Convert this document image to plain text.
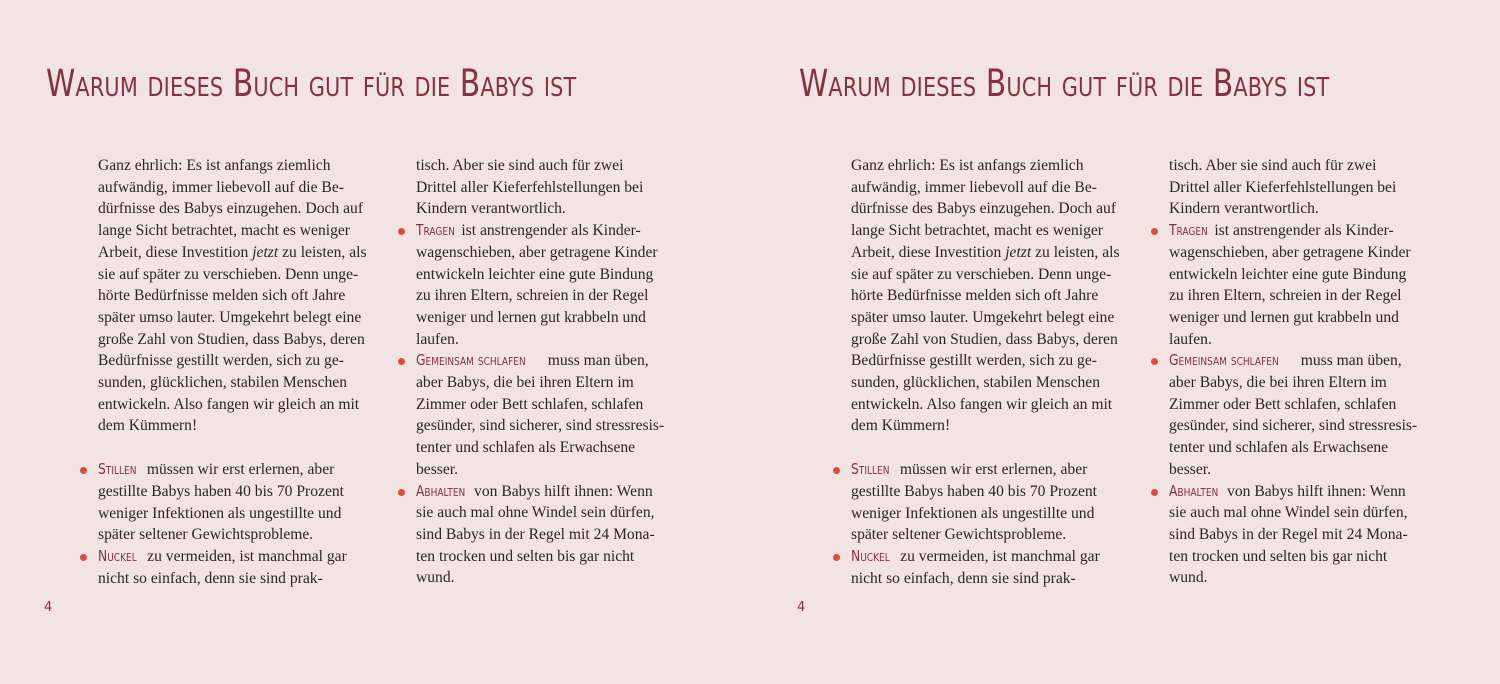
Warum dieses Buch gut für die Babys ist

Ganz ehrlich: Es ist anfangs ziemlich
aufwändig, immer liebevoll auf die Be-
dürfnisse des Babys einzugehen. Doch auf
lange Sicht betrachtet, macht es weniger
Arbeit, diese Investition jetzt zu leisten, als
sie auf später zu verschieben. Denn unge-
hörte Bedürfnisse melden sich oft Jahre
später umso lauter. Umgekehrt belegt eine
große Zahl von Studien, dass Babys, deren
Bedürfnisse gestillt werden, sich zu ge-
sunden, glücklichen, stabilen Menschen
entwickeln. Also fangen wir gleich an mit
dem Kümmern!

Stillen müssen wir erst erlernen, aber
gestillte Babys haben 40 bis 70 Prozent
weniger Infektionen als ungestillte und
später seltener Gewichtsprobleme.
Nuckel zu vermeiden, ist manchmal gar
nicht so einfach, denn sie sind prak-
tisch. Aber sie sind auch für zwei
Drittel aller Kieferfehlstellungen bei
Kindern verantwortlich.
Tragen ist anstrengender als Kinder-
wagenschieben, aber getragene Kinder
entwickeln leichter eine gute Bindung
zu ihren Eltern, schreien in der Regel
weniger und lernen gut krabbeln und
laufen.
Gemeinsam schlafen muss man üben,
aber Babys, die bei ihren Eltern im
Zimmer oder Bett schlafen, schlafen
gesünder, sind sicherer, sind stressresis-
tenter und schlafen als Erwachsene
besser.
Abhalten von Babys hilft ihnen: Wenn
sie auch mal ohne Windel sein dürfen,
sind Babys in der Regel mit 24 Mona-
ten trocken und selten bis gar nicht
wund.
4
Warum dieses Buch gut für die Babys ist

Ganz ehrlich: Es ist anfangs ziemlich
aufwändig, immer liebevoll auf die Be-
dürfnisse des Babys einzugehen. Doch auf
lange Sicht betrachtet, macht es weniger
Arbeit, diese Investition jetzt zu leisten, als
sie auf später zu verschieben. Denn unge-
hörte Bedürfnisse melden sich oft Jahre
später umso lauter. Umgekehrt belegt eine
große Zahl von Studien, dass Babys, deren
Bedürfnisse gestillt werden, sich zu ge-
sunden, glücklichen, stabilen Menschen
entwickeln. Also fangen wir gleich an mit
dem Kümmern!

Stillen müssen wir erst erlernen, aber
gestillte Babys haben 40 bis 70 Prozent
weniger Infektionen als ungestillte und
später seltener Gewichtsprobleme.
Nuckel zu vermeiden, ist manchmal gar
nicht so einfach, denn sie sind prak-
tisch. Aber sie sind auch für zwei
Drittel aller Kieferfehlstellungen bei
Kindern verantwortlich.
Tragen ist anstrengender als Kinder-
wagenschieben, aber getragene Kinder
entwickeln leichter eine gute Bindung
zu ihren Eltern, schreien in der Regel
weniger und lernen gut krabbeln und
laufen.
Gemeinsam schlafen muss man üben,
aber Babys, die bei ihren Eltern im
Zimmer oder Bett schlafen, schlafen
gesünder, sind sicherer, sind stressresis-
tenter und schlafen als Erwachsene
besser.
Abhalten von Babys hilft ihnen: Wenn
sie auch mal ohne Windel sein dürfen,
sind Babys in der Regel mit 24 Mona-
ten trocken und selten bis gar nicht
wund.
4
